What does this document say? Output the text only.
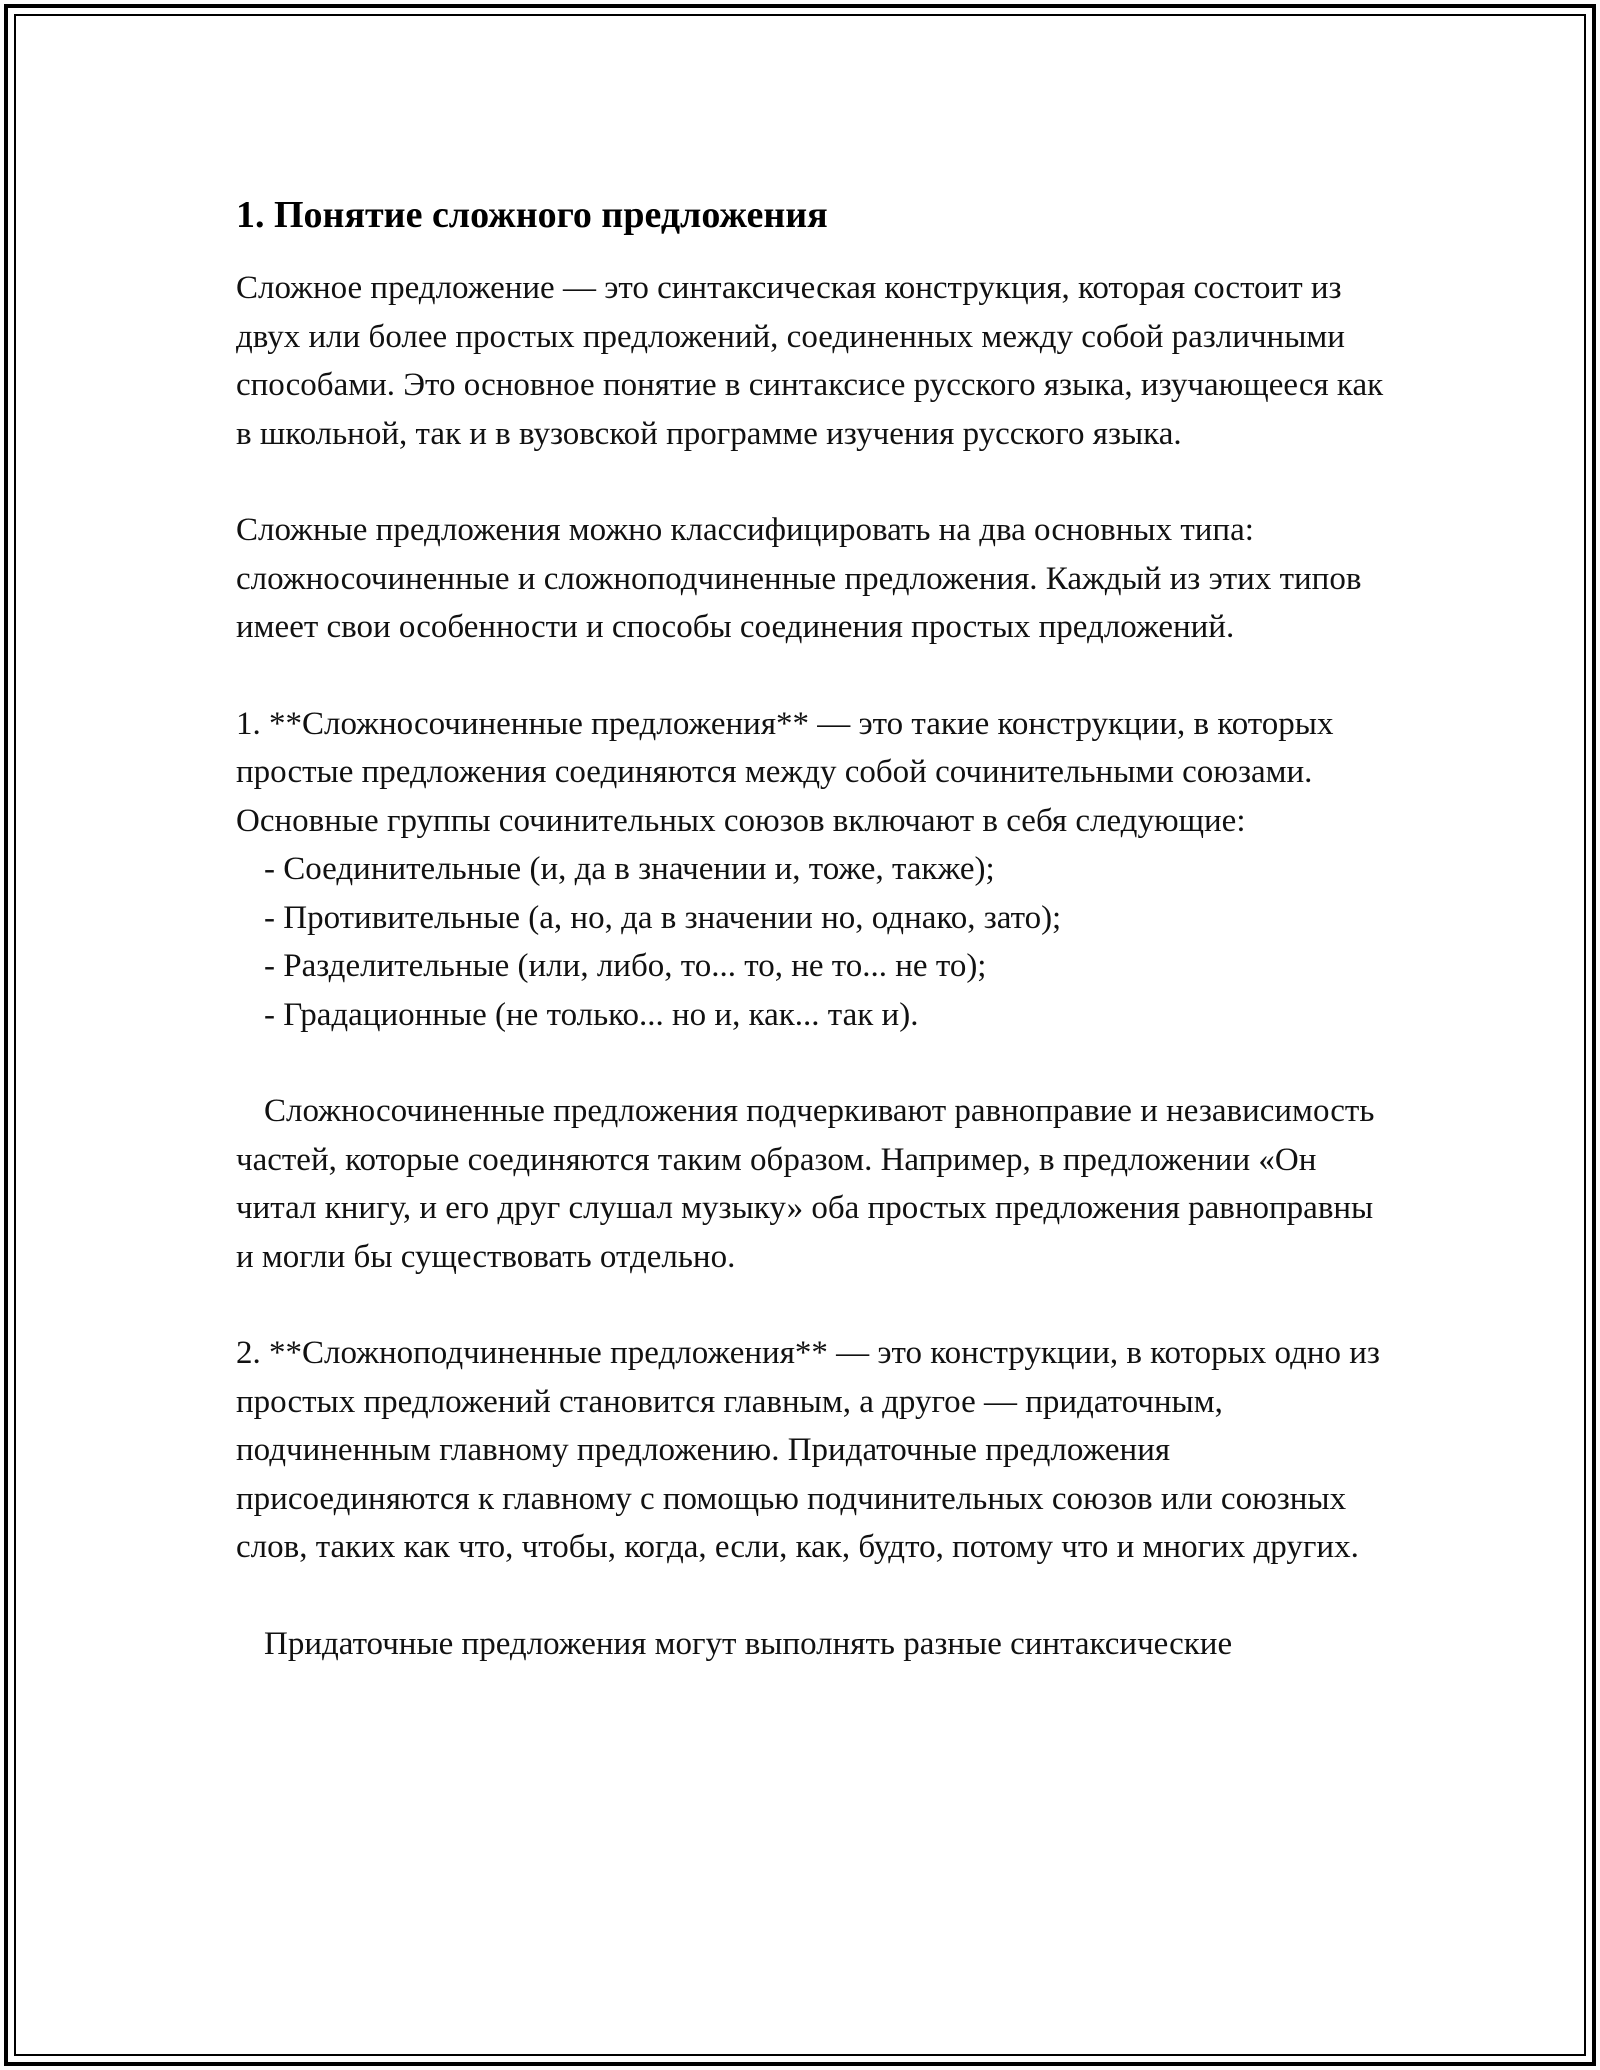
1. Понятие сложного предложения

Сложное предложение — это синтаксическая конструкция, которая состоит из двух или более простых предложений, соединенных между собой различными способами. Это основное понятие в синтаксисе русского языка, изучающееся как в школьной, так и в вузовской программе изучения русского языка.

Сложные предложения можно классифицировать на два основных типа: сложносочиненные и сложноподчиненные предложения. Каждый из этих типов имеет свои особенности и способы соединения простых предложений.

1. **Сложносочиненные предложения** — это такие конструкции, в которых простые предложения соединяются между собой сочинительными союзами. Основные группы сочинительных союзов включают в себя следующие:

- Соединительные (и, да в значении и, тоже, также);
- Противительные (а, но, да в значении но, однако, зато);
- Разделительные (или, либо, то... то, не то... не то);
- Градационные (не только... но и, как... так и).

Сложносочиненные предложения подчеркивают равноправие и независимость частей, которые соединяются таким образом. Например, в предложении «Он читал книгу, и его друг слушал музыку» оба простых предложения равноправны и могли бы существовать отдельно.

2. **Сложноподчиненные предложения** — это конструкции, в которых одно из простых предложений становится главным, а другое — придаточным, подчиненным главному предложению. Придаточные предложения присоединяются к главному с помощью подчинительных союзов или союзных слов, таких как что, чтобы, когда, если, как, будто, потому что и многих других.

Придаточные предложения могут выполнять разные синтаксические
